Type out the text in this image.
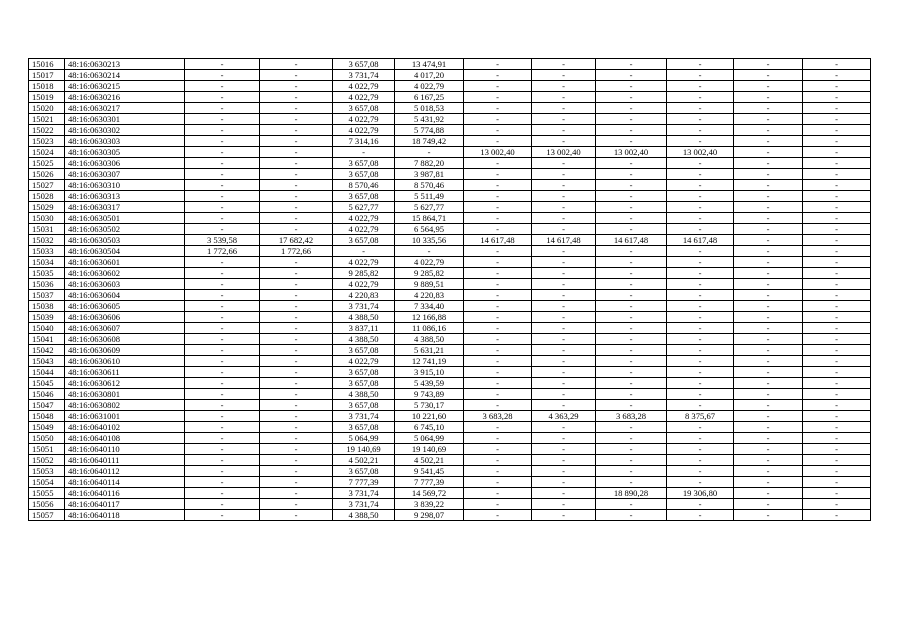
15016	48:16:0630213	-	-	3 657,08	13 474,91	-	-	-	-	-	-
15017	48:16:0630214	-	-	3 731,74	4 017,20	-	-	-	-	-	-
15018	48:16:0630215	-	-	4 022,79	4 022,79	-	-	-	-	-	-
15019	48:16:0630216	-	-	4 022,79	6 167,25	-	-	-	-	-	-
15020	48:16:0630217	-	-	3 657,08	5 018,53	-	-	-	-	-	-
15021	48:16:0630301	-	-	4 022,79	5 431,92	-	-	-	-	-	-
15022	48:16:0630302	-	-	4 022,79	5 774,88	-	-	-	-	-	-
15023	48:16:0630303	-	-	7 314,16	18 749,42	-	-	-	-	-	-
15024	48:16:0630305	-	-	-	-	13 002,40	13 002,40	13 002,40	13 002,40	-	-
15025	48:16:0630306	-	-	3 657,08	7 882,20	-	-	-	-	-	-
15026	48:16:0630307	-	-	3 657,08	3 987,81	-	-	-	-	-	-
15027	48:16:0630310	-	-	8 570,46	8 570,46	-	-	-	-	-	-
15028	48:16:0630313	-	-	3 657,08	5 511,49	-	-	-	-	-	-
15029	48:16:0630317	-	-	5 627,77	5 627,77	-	-	-	-	-	-
15030	48:16:0630501	-	-	4 022,79	15 864,71	-	-	-	-	-	-
15031	48:16:0630502	-	-	4 022,79	6 564,95	-	-	-	-	-	-
15032	48:16:0630503	3 539,58	17 682,42	3 657,08	10 335,56	14 617,48	14 617,48	14 617,48	14 617,48	-	-
15033	48:16:0630504	1 772,66	1 772,66	-	-	-	-	-	-	-	-
15034	48:16:0630601	-	-	4 022,79	4 022,79	-	-	-	-	-	-
15035	48:16:0630602	-	-	9 285,82	9 285,82	-	-	-	-	-	-
15036	48:16:0630603	-	-	4 022,79	9 889,51	-	-	-	-	-	-
15037	48:16:0630604	-	-	4 220,83	4 220,83	-	-	-	-	-	-
15038	48:16:0630605	-	-	3 731,74	7 334,40	-	-	-	-	-	-
15039	48:16:0630606	-	-	4 388,50	12 166,88	-	-	-	-	-	-
15040	48:16:0630607	-	-	3 837,11	11 086,16	-	-	-	-	-	-
15041	48:16:0630608	-	-	4 388,50	4 388,50	-	-	-	-	-	-
15042	48:16:0630609	-	-	3 657,08	5 631,21	-	-	-	-	-	-
15043	48:16:0630610	-	-	4 022,79	12 741,19	-	-	-	-	-	-
15044	48:16:0630611	-	-	3 657,08	3 915,10	-	-	-	-	-	-
15045	48:16:0630612	-	-	3 657,08	5 439,59	-	-	-	-	-	-
15046	48:16:0630801	-	-	4 388,50	9 743,89	-	-	-	-	-	-
15047	48:16:0630802	-	-	3 657,08	5 730,17	-	-	-	-	-	-
15048	48:16:0631001	-	-	3 731,74	10 221,60	3 683,28	4 363,29	3 683,28	8 375,67	-	-
15049	48:16:0640102	-	-	3 657,08	6 745,10	-	-	-	-	-	-
15050	48:16:0640108	-	-	5 064,99	5 064,99	-	-	-	-	-	-
15051	48:16:0640110	-	-	19 140,69	19 140,69	-	-	-	-	-	-
15052	48:16:0640111	-	-	4 502,21	4 502,21	-	-	-	-	-	-
15053	48:16:0640112	-	-	3 657,08	9 541,45	-	-	-	-	-	-
15054	48:16:0640114	-	-	7 777,39	7 777,39	-	-	-	-	-	-
15055	48:16:0640116	-	-	3 731,74	14 569,72	-	-	18 890,28	19 306,80	-	-
15056	48:16:0640117	-	-	3 731,74	3 839,22	-	-	-	-	-	-
15057	48:16:0640118	-	-	4 388,50	9 298,07	-	-	-	-	-	-
